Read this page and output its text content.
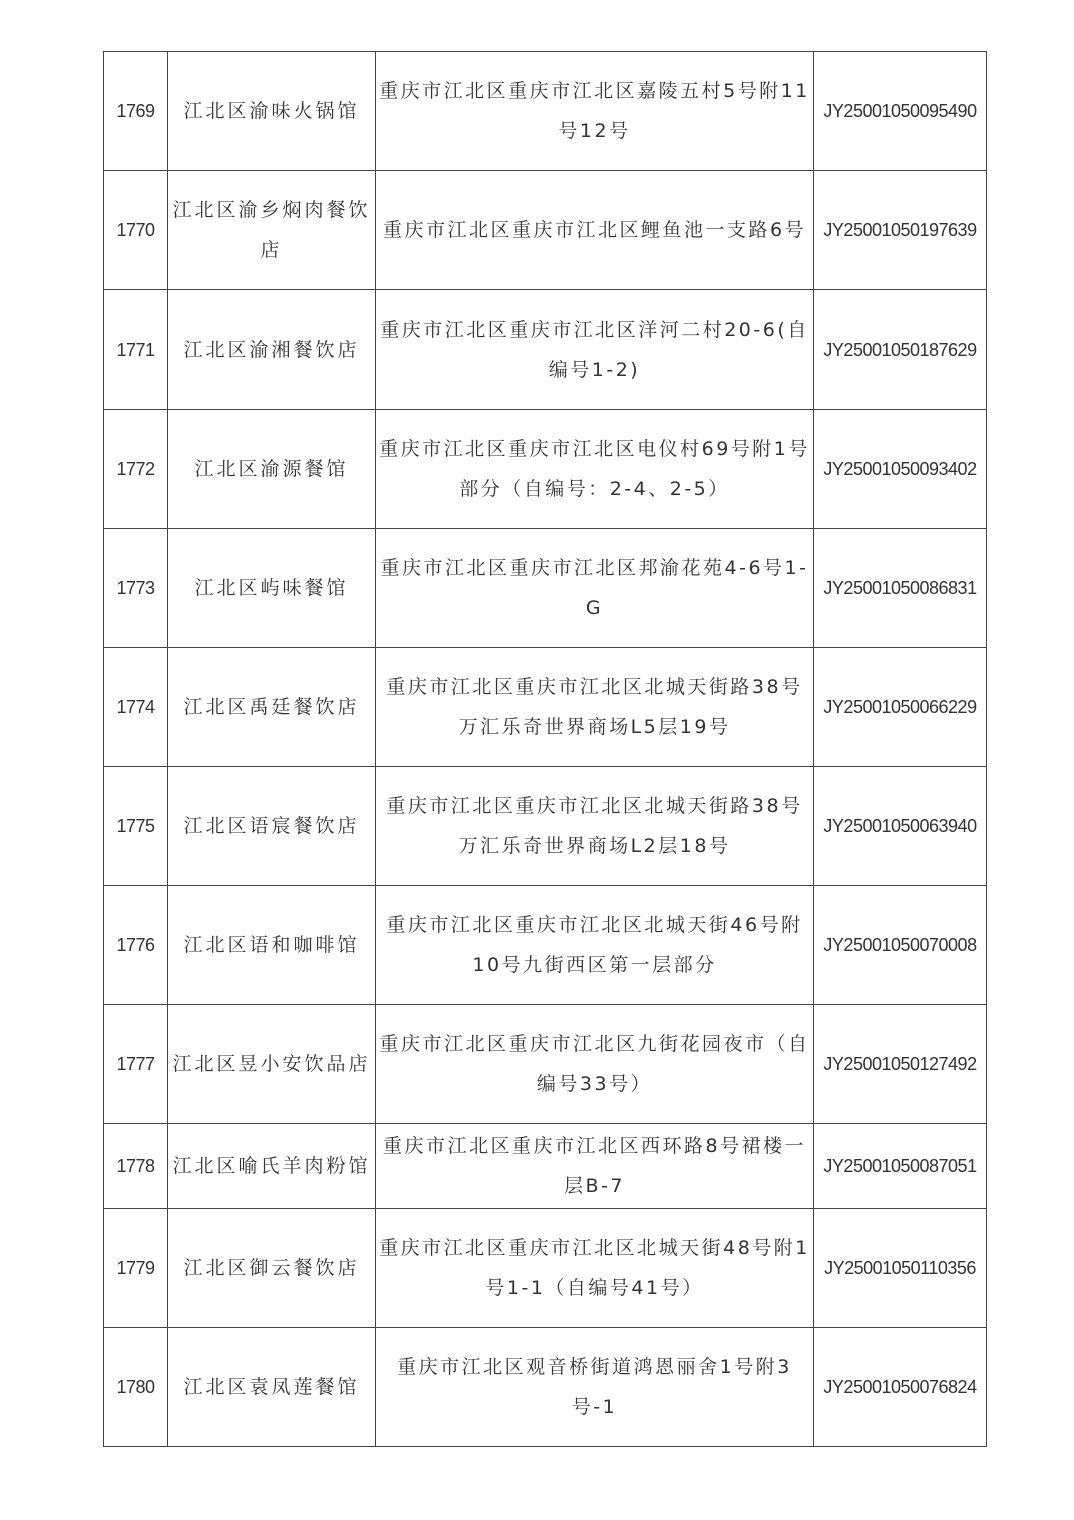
1769	江北区渝味火锅馆	重庆市江北区重庆市江北区嘉陵五村5号附11号12号	JY25001050095490
1770	江北区渝乡焖肉餐饮店	重庆市江北区重庆市江北区鲤鱼池一支路6号	JY25001050197639
1771	江北区渝湘餐饮店	重庆市江北区重庆市江北区洋河二村20-6(自编号1-2)	JY25001050187629
1772	江北区渝源餐馆	重庆市江北区重庆市江北区电仪村69号附1号部分（自编号：2-4、2-5）	JY25001050093402
1773	江北区屿味餐馆	重庆市江北区重庆市江北区邦渝花苑4-6号1-G	JY25001050086831
1774	江北区禹廷餐饮店	重庆市江北区重庆市江北区北城天街路38号万汇乐奇世界商场L5层19号	JY25001050066229
1775	江北区语宸餐饮店	重庆市江北区重庆市江北区北城天街路38号万汇乐奇世界商场L2层18号	JY25001050063940
1776	江北区语和咖啡馆	重庆市江北区重庆市江北区北城天街46号附10号九街西区第一层部分	JY25001050070008
1777	江北区昱小安饮品店	重庆市江北区重庆市江北区九街花园夜市（自编号33号）	JY25001050127492
1778	江北区喻氏羊肉粉馆	重庆市江北区重庆市江北区西环路8号裙楼一层B-7	JY25001050087051
1779	江北区御云餐饮店	重庆市江北区重庆市江北区北城天街48号附1号1-1（自编号41号）	JY25001050110356
1780	江北区袁凤莲餐馆	重庆市江北区观音桥街道鸿恩丽舍1号附3号-1	JY25001050076824
